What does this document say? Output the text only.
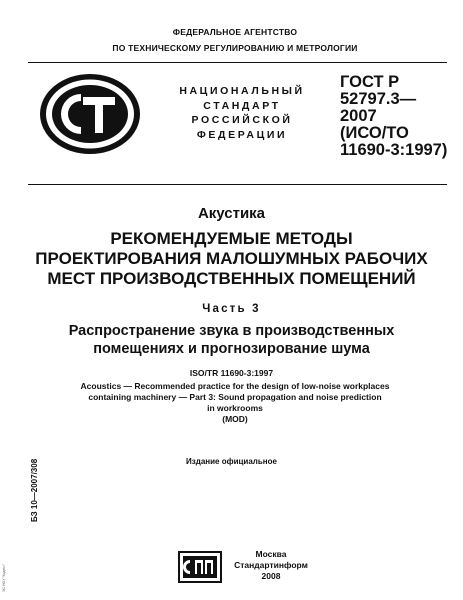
ФЕДЕРАЛЬНОЕ АГЕНТСТВО
ПО ТЕХНИЧЕСКОМУ РЕГУЛИРОВАНИЮ И МЕТРОЛОГИИ
НАЦИОНАЛЬНЫЙ
СТАНДАРТ
РОССИЙСКОЙ
ФЕДЕРАЦИИ
ГОСТ Р
52797.3—
2007
(ИСО/ТО
11690-3:1997)
Акустика
РЕКОМЕНДУЕМЫЕ МЕТОДЫ
ПРОЕКТИРОВАНИЯ МАЛОШУМНЫХ РАБОЧИХ
МЕСТ ПРОИЗВОДСТВЕННЫХ ПОМЕЩЕНИЙ
Часть 3
Распространение звука в производственных
помещениях и прогнозирование шума
ISO/TR 11690-3:1997
Acoustics — Recommended practice for the design of low-noise workplaces
containing machinery — Part 3: Sound propagation and noise prediction
in workrooms
(MOD)
Издание официальное
БЗ 10—2007/308
ЭС НОУ "Кодекс"
Москва
Стандартинформ
2008
